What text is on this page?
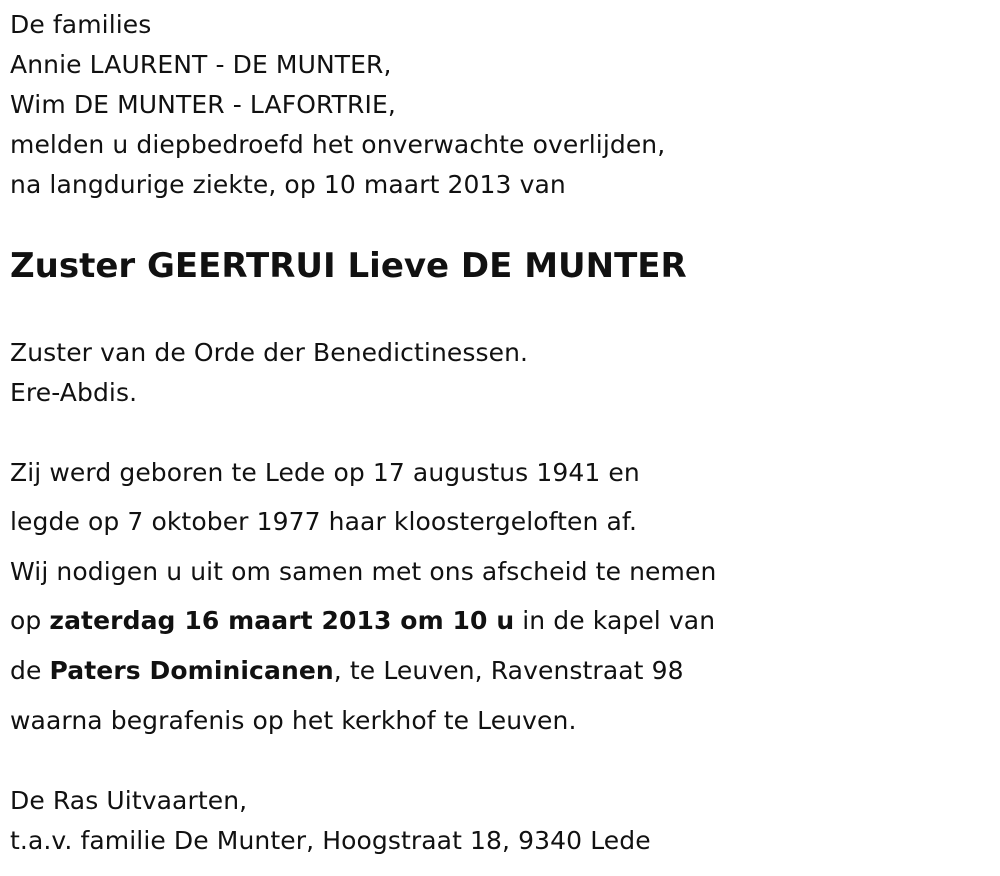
De families
Annie LAURENT - DE MUNTER,
Wim DE MUNTER - LAFORTRIE,
melden u diepbedroefd het onverwachte overlijden,
na langdurige ziekte, op 10 maart 2013 van
Zuster GEERTRUI Lieve DE MUNTER
Zuster van de Orde der Benedictinessen.
Ere-Abdis.
Zij werd geboren te Lede op 17 augustus 1941 en
legde op 7 oktober 1977 haar kloostergeloften af.
Wij nodigen u uit om samen met ons afscheid te nemen
op zaterdag 16 maart 2013 om 10 u in de kapel van
de Paters Dominicanen, te Leuven, Ravenstraat 98
waarna begrafenis op het kerkhof te Leuven.
De Ras Uitvaarten,
t.a.v. familie De Munter, Hoogstraat 18, 9340 Lede
